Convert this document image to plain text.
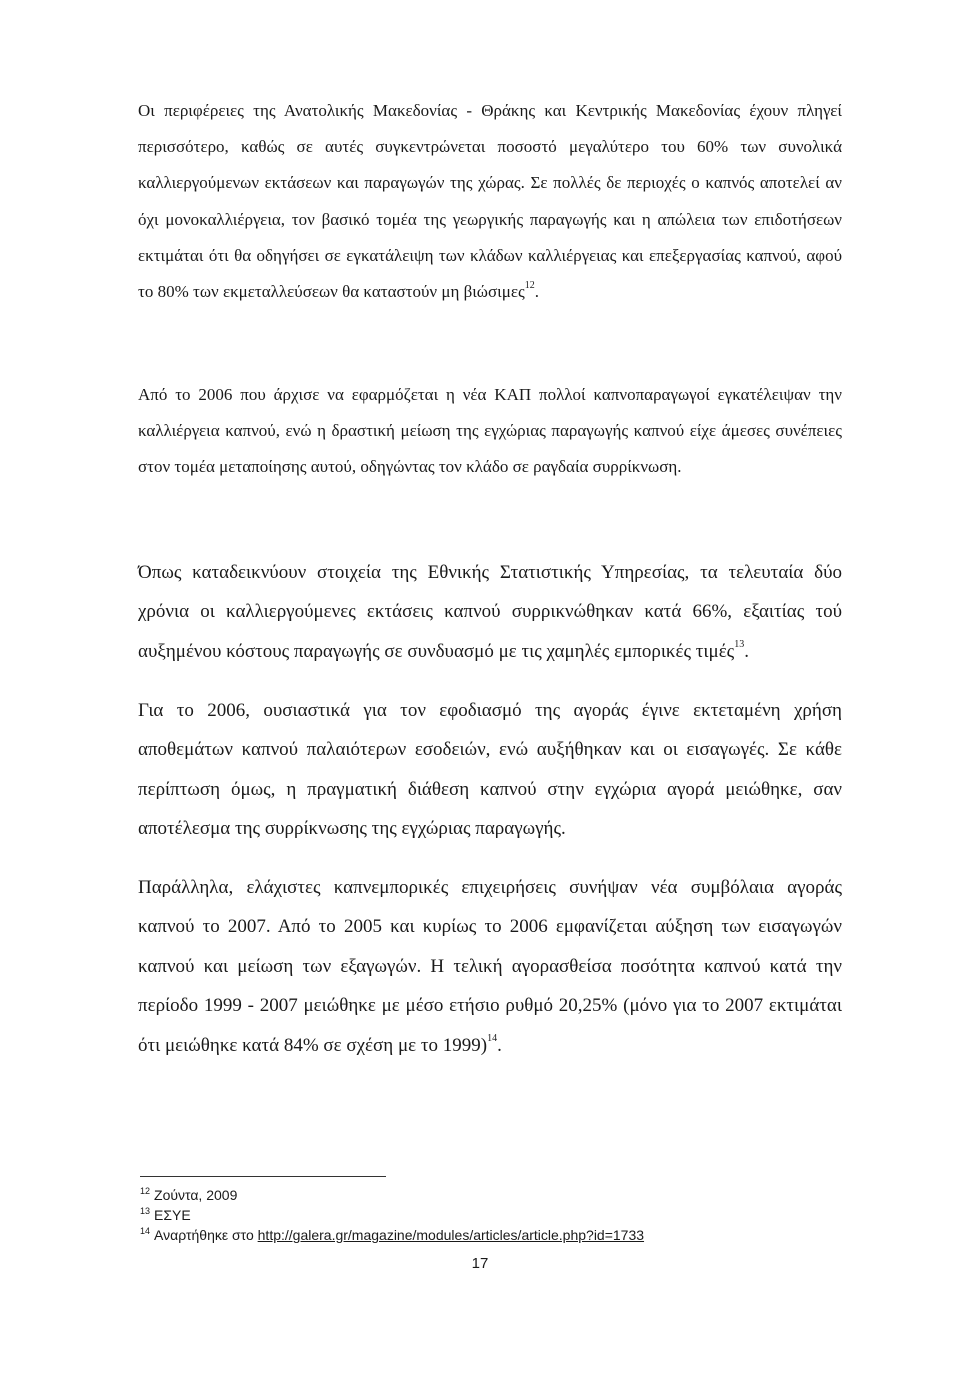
Οι περιφέρειες της Ανατολικής Μακεδονίας - Θράκης και Κεντρικής Μακεδονίας έχουν πληγεί περισσότερο, καθώς σε αυτές συγκεντρώνεται ποσοστό μεγαλύτερο του 60% των συνολικά καλλιεργούμενων εκτάσεων και παραγωγών της χώρας. Σε πολλές δε περιοχές ο καπνός αποτελεί αν όχι μονοκαλλιέργεια, τον βασικό τομέα της γεωργικής παραγωγής και η απώλεια των επιδοτήσεων εκτιμάται ότι θα οδηγήσει σε εγκατάλειψη των κλάδων καλλιέργειας και επεξεργασίας καπνού, αφού το 80% των εκμεταλλεύσεων θα καταστούν μη βιώσιμες$^{12}$.

Από το 2006 που άρχισε να εφαρμόζεται η νέα ΚΑΠ πολλοί καπνοπαραγωγοί εγκατέλειψαν την καλλιέργεια καπνού, ενώ η δραστική μείωση της εγχώριας παραγωγής καπνού είχε άμεσες συνέπειες στον τομέα μεταποίησης αυτού, οδηγώντας τον κλάδο σε ραγδαία συρρίκνωση.

Όπως καταδεικνύουν στοιχεία της Εθνικής Στατιστικής Υπηρεσίας, τα τελευταία δύο χρόνια οι καλλιεργούμενες εκτάσεις καπνού συρρικνώθηκαν κατά 66%, εξαιτίας τού αυξημένου κόστους παραγωγής σε συνδυασμό με τις χαμηλές εμπορικές τιμές$^{13}$.

Για το 2006, ουσιαστικά για τον εφοδιασμό της αγοράς έγινε εκτεταμένη χρήση αποθεμάτων καπνού παλαιότερων εσοδειών, ενώ αυξήθηκαν και οι εισαγωγές. Σε κάθε περίπτωση όμως, η πραγματική διάθεση καπνού στην εγχώρια αγορά μειώθηκε, σαν αποτέλεσμα της συρρίκνωσης της εγχώριας παραγωγής.

Παράλληλα, ελάχιστες καπνεμπορικές επιχειρήσεις συνήψαν νέα συμβόλαια αγοράς καπνού το 2007. Από το 2005 και κυρίως το 2006 εμφανίζεται αύξηση των εισαγωγών καπνού και μείωση των εξαγωγών. Η τελική αγορασθείσα ποσότητα καπνού κατά την περίοδο 1999 - 2007 μειώθηκε με μέσο ετήσιο ρυθμό 20,25% (μόνο για το 2007 εκτιμάται ότι μειώθηκε κατά 84% σε σχέση με το 1999)$^{14}$.

$^{12}$ Ζούντα, 2009
$^{13}$ ΕΣΥΕ
$^{14}$ Αναρτήθηκε στο http://galera.gr/magazine/modules/articles/article.php?id=1733
17
